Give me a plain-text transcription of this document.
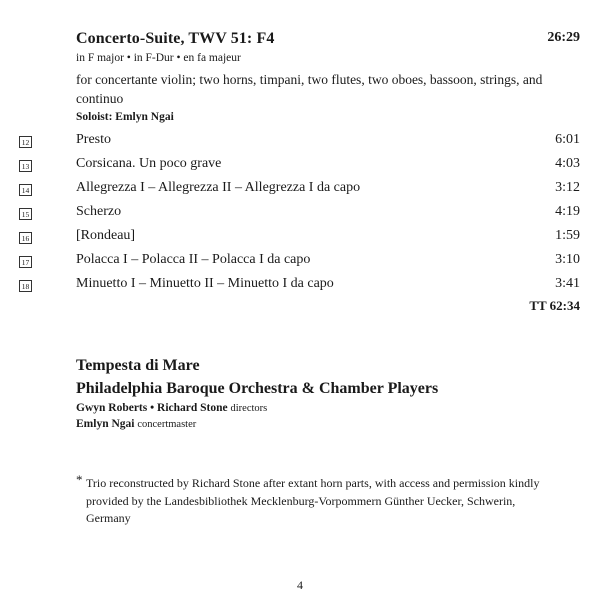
Concerto-Suite, TWV 51: F4	26:29
in F major • in F-Dur • en fa majeur
for concertante violin; two horns, timpani, two flutes, two oboes, bassoon, strings, and continuo
Soloist: Emlyn Ngai
12	Presto	6:01
13	Corsicana. Un poco grave	4:03
14	Allegrezza I – Allegrezza II – Allegrezza I da capo	3:12
15	Scherzo	4:19
16	[Rondeau]	1:59
17	Polacca I – Polacca II – Polacca I da capo	3:10
18	Minuetto I – Minuetto II – Minuetto I da capo	3:41
TT 62:34
Tempesta di Mare
Philadelphia Baroque Orchestra & Chamber Players
Gwyn Roberts • Richard Stone directors
Emlyn Ngai concertmaster
* Trio reconstructed by Richard Stone after extant horn parts, with access and permission kindly provided by the Landesbibliothek Mecklenburg-Vorpommern Günther Uecker, Schwerin, Germany
4
